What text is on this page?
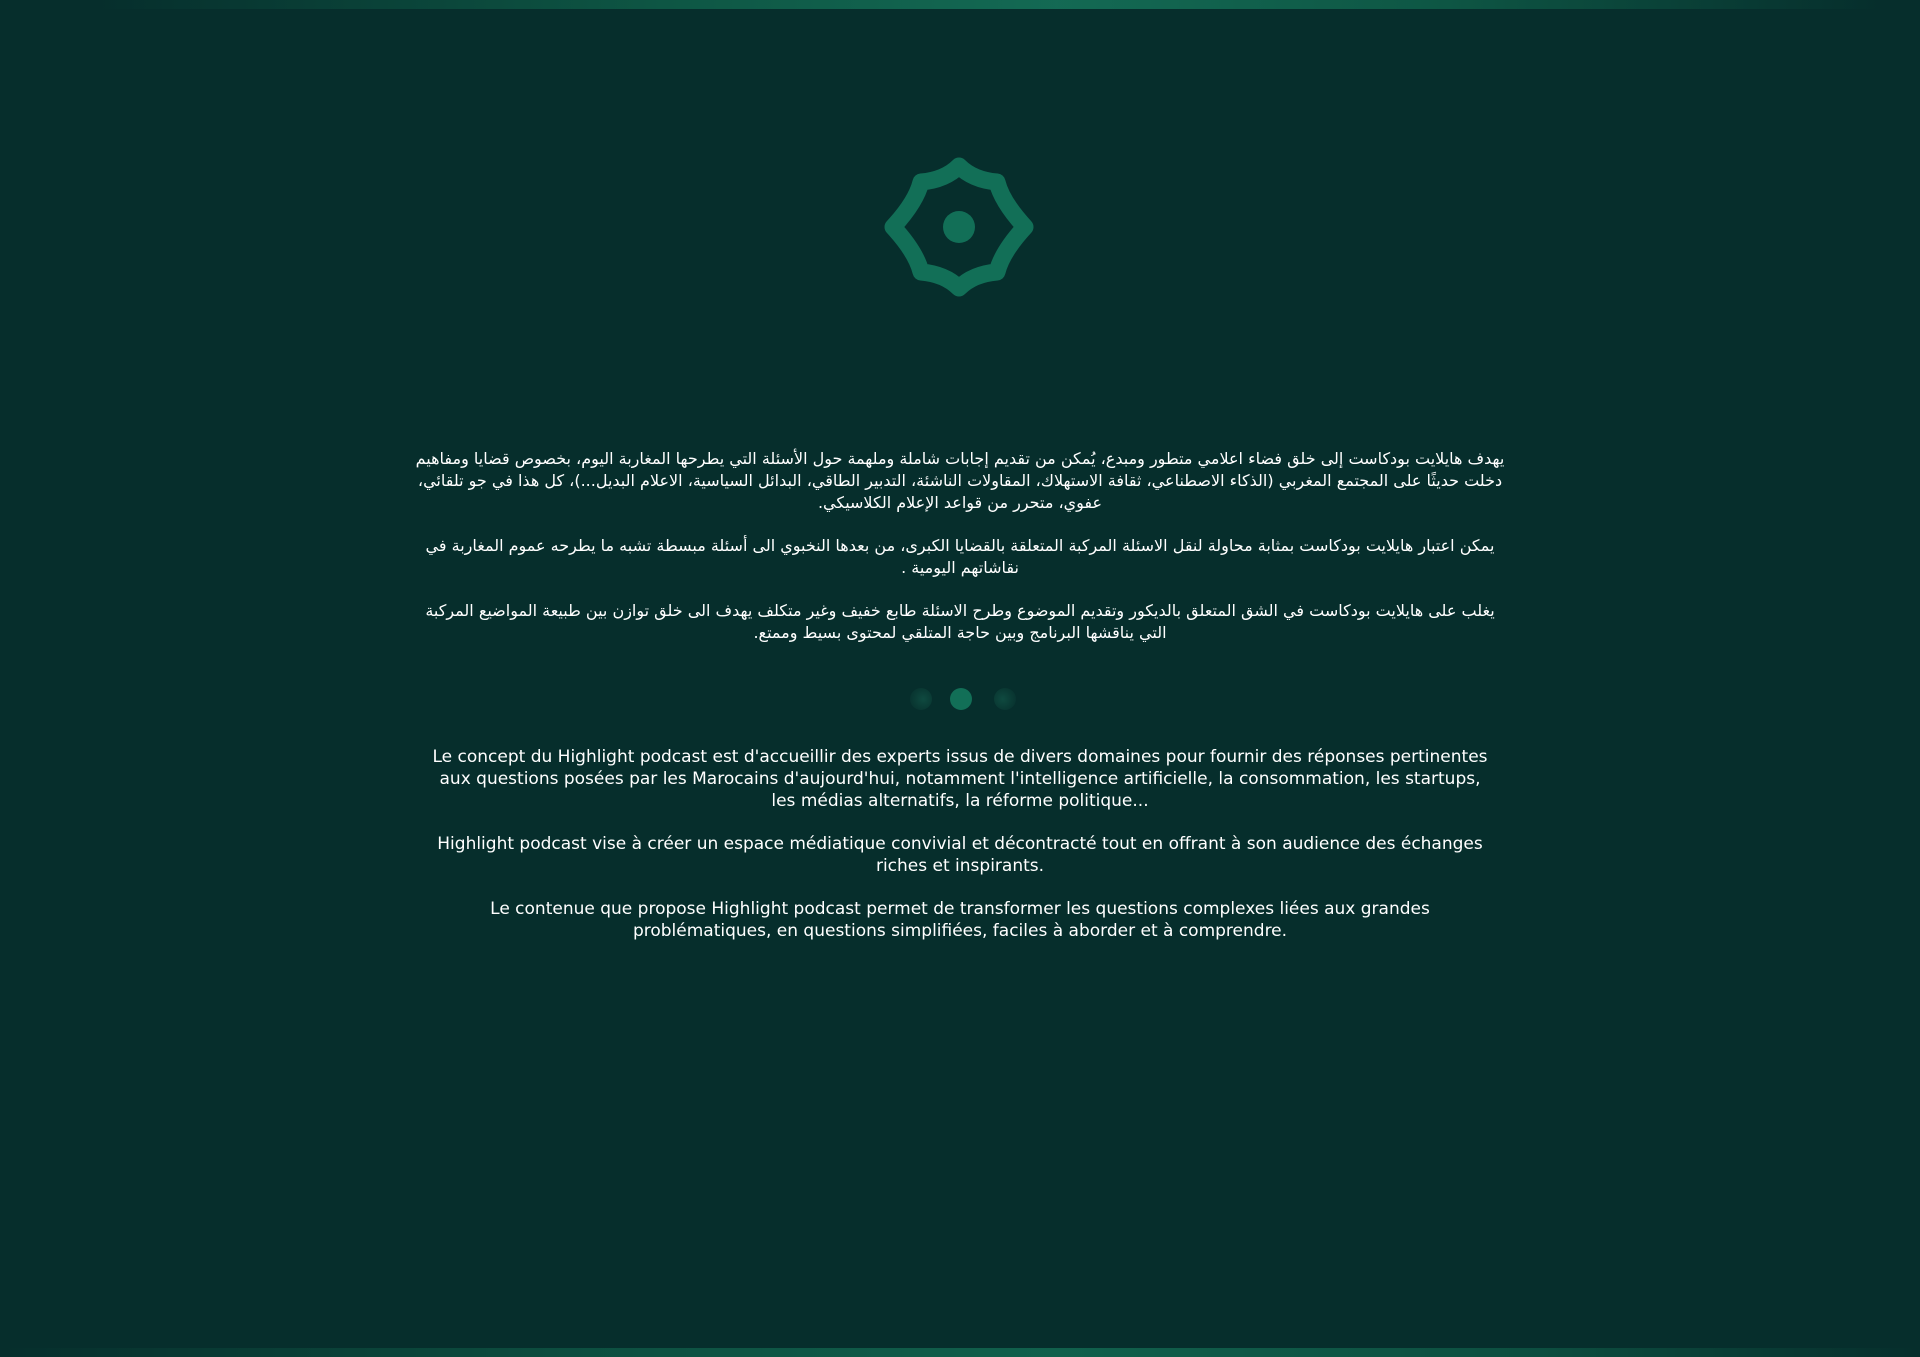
يهدف هايلايت بودكاست إلى خلق فضاء اعلامي متطور ومبدع، يُمكن من تقديم إجابات شاملة وملهمة حول الأسئلة التي يطرحها المغاربة اليوم، بخصوص قضايا ومفاهيم دخلت حديثًا على المجتمع المغربي (الذكاء الاصطناعي، ثقافة الاستهلاك، المقاولات الناشئة، التدبير الطاقي، البدائل السياسية، الاعلام البديل...)، كل هذا في جو تلقائي، عفوي، متحرر من قواعد الإعلام الكلاسيكي.

يمكن اعتبار هايلايت بودكاست بمثابة محاولة لنقل الاسئلة المركبة المتعلقة بالقضايا الكبرى، من بعدها النخبوي الى أسئلة مبسطة تشبه ما يطرحه عموم المغاربة في نقاشاتهم اليومية .

يغلب على هايلايت بودكاست في الشق المتعلق بالديكور وتقديم الموضوع وطرح الاسئلة طابع خفيف وغير متكلف يهدف الى خلق توازن بين طبيعة المواضيع المركبة التي يناقشها البرنامج وبين حاجة المتلقي لمحتوى بسيط وممتع.

Le concept du Highlight podcast est d'accueillir des experts issus de divers domaines pour fournir des réponses pertinentes aux questions posées par les Marocains d'aujourd'hui, notamment l'intelligence artificielle, la consommation, les startups, les médias alternatifs, la réforme politique...

Highlight podcast vise à créer un espace médiatique convivial et décontracté tout en offrant à son audience des échanges riches et inspirants.

Le contenue que propose Highlight podcast permet de transformer les questions complexes liées aux grandes problématiques, en questions simplifiées, faciles à aborder et à comprendre.
